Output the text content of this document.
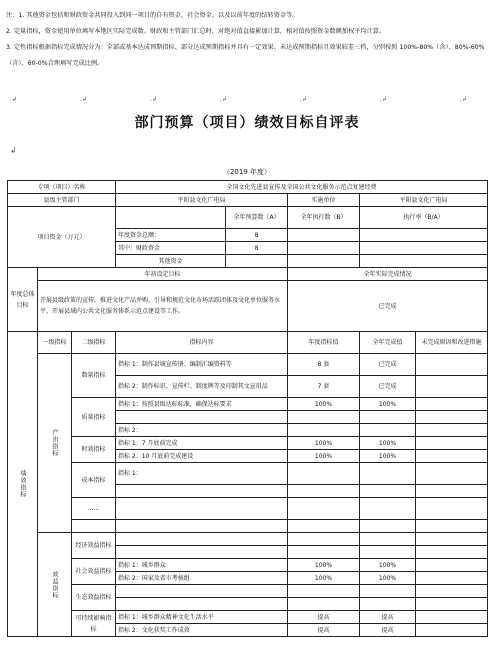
注：1. 其他资金包括和财政资金共同投入到同一项目的自有资金、社会资金，以及以前年度的结转资金等。

2. 定量指标，资金使用单位填写本地区实际完成数。财政和主管部门汇总时，对绝对值直接累加计算，相对值按照资金数额加权平均计算。

3. 定性指标根据指标完成情况分为：全部或基本达成预期指标、部分达成预期指标并具有一定效果、未达成预期指标且效果较差三档，分别按照 100%-80%（含）、80%-60%（含）、60-0%合理填写完成比例。

.↲	.↲	.↲	.↲	.↲	.↲	.↲
部门预算（项目）绩效目标自评表
↲
（2019 年度）
专项（项目）名称			全国文化先进县宣传及全国公共文化服务示范点复建经费				
县级主管部门			平阳县文化广电局		实施单位	平阳县文化广电局	
项目资金（万元）				全年预算数（A）	全年执行数（B）	执行率（B/A）	
			年度资金总额：	8			
			其中：财政资金	8			
			其他资金				
年度总体目标	年初设定目标				全年实际完成情况		
	开展县级政策的宣传，推进文化产品并购、引导和规范文化市场活跃团体及文化单位服务水平，开展县域内公共文化服务体系示范点建设等工作。				已完成		
绩效指标	一级指标	二级指标	指标内容		年度指标值	全年完成值	未完成原因和改进措施
	产出指标	数量指标	指标 1：制作县城宣传册、编制汇编资料等		8 套	已完成	
			指标 2：制作标识、宣传栏、制度牌等及印制其文宣用品		7 套	已完成	
		质量指标	指标 1：按照县级达标标准，确保达标要求		100%	100%	

			指标 2：				
		时效指标	指标 1：7 月底前完成		100%	100%	
			指标 2：10 月底前完成建设		100%	100%	
		成本指标	指标 1：				

		……					

	效益指标	经济效益指标					

		社会效益指标	指标 1：城乡群众		100%	100%	
			指标 2：国家及省市考核组		100%	100%	
		生态效益指标					

		可持续影响指标	指标 1：城乡群众精神文化生活水平		提高	提高	
			指标 2：文化获奖工作成效		提高	提高	
